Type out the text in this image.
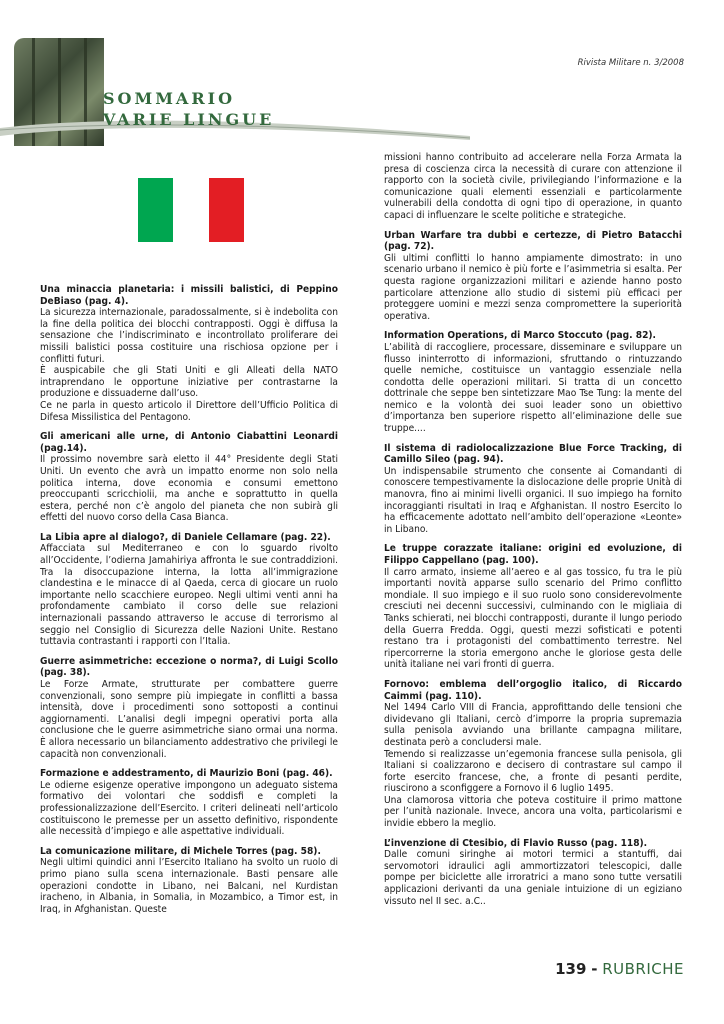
Rivista Militare n. 3/2008
SOMMARIO
VARIE LINGUE
Una minaccia planetaria: i missili balistici, di Peppino DeBiaso (pag. 4).

La sicurezza internazionale, paradossalmente, si è indebolita con la fine della politica dei blocchi contrapposti. Oggi è diffusa la sensazione che l’indiscriminato e incontrollato proliferare dei missili balistici possa costituire una rischiosa opzione per i conflitti futuri.
È auspicabile che gli Stati Uniti e gli Alleati della NATO intraprendano le opportune iniziative per contrastarne la produzione e dissuaderne dall’uso.
Ce ne parla in questo articolo il Direttore dell’Ufficio Politica di Difesa Missilistica del Pentagono.

Gli americani alle urne, di Antonio Ciabattini Leonardi (pag.14).

Il prossimo novembre sarà eletto il 44° Presidente degli Stati Uniti. Un evento che avrà un impatto enorme non solo nella politica interna, dove economia e consumi emettono preoccupanti scricchiolii, ma anche e soprattutto in quella estera, perché non c’è angolo del pianeta che non subirà gli effetti del nuovo corso della Casa Bianca.

La Libia apre al dialogo?, di Daniele Cellamare (pag. 22).

Affacciata sul Mediterraneo e con lo sguardo rivolto all’Occidente, l’odierna Jamahiriya affronta le sue contraddizioni. Tra la disoccupazione interna, la lotta all’immigrazione clandestina e le minacce di al Qaeda, cerca di giocare un ruolo importante nello scacchiere europeo. Negli ultimi venti anni ha profondamente cambiato il corso delle sue relazioni internazionali passando attraverso le accuse di terrorismo al seggio nel Consiglio di Sicurezza delle Nazioni Unite. Restano tuttavia contrastanti i rapporti con l’Italia.

Guerre asimmetriche: eccezione o norma?, di Luigi Scollo (pag. 38).

Le Forze Armate, strutturate per combattere guerre convenzionali, sono sempre più impiegate in conflitti a bassa intensità, dove i procedimenti sono sottoposti a continui aggiornamenti. L’analisi degli impegni operativi porta alla conclusione che le guerre asimmetriche siano ormai una norma. È allora necessario un bilanciamento addestrativo che privilegi le capacità non convenzionali.

Formazione e addestramento, di Maurizio Boni (pag. 46).

Le odierne esigenze operative impongono un adeguato sistema formativo dei volontari che soddisfi e completi la professionalizzazione dell’Esercito. I criteri delineati nell’articolo costituiscono le premesse per un assetto definitivo, rispondente alle necessità d’impiego e alle aspettative individuali.

La comunicazione militare, di Michele Torres (pag. 58).

Negli ultimi quindici anni l’Esercito Italiano ha svolto un ruolo di primo piano sulla scena internazionale. Basti pensare alle operazioni condotte in Libano, nei Balcani, nel Kurdistan iracheno, in Albania, in Somalia, in Mozambico, a Timor est, in Iraq, in Afghanistan. Queste

missioni hanno contribuito ad accelerare nella Forza Armata la presa di coscienza circa la necessità di curare con attenzione il rapporto con la società civile, privilegiando l’informazione e la comunicazione quali elementi essenziali e particolarmente vulnerabili della condotta di ogni tipo di operazione, in quanto capaci di influenzare le scelte politiche e strategiche.

Urban Warfare tra dubbi e certezze, di Pietro Batacchi (pag. 72).

Gli ultimi conflitti lo hanno ampiamente dimostrato: in uno scenario urbano il nemico è più forte e l’asimmetria si esalta. Per questa ragione organizzazioni militari e aziende hanno posto particolare attenzione allo studio di sistemi più efficaci per proteggere uomini e mezzi senza compromettere la superiorità operativa.

Information Operations, di Marco Stoccuto (pag. 82).

L’abilità di raccogliere, processare, disseminare e sviluppare un flusso ininterrotto di informazioni, sfruttando o rintuzzando quelle nemiche, costituisce un vantaggio essenziale nella condotta delle operazioni militari. Si tratta di un concetto dottrinale che seppe ben sintetizzare Mao Tse Tung: la mente del nemico e la volontà dei suoi leader sono un obiettivo d’importanza ben superiore rispetto all’eliminazione delle sue truppe....

Il sistema di radiolocalizzazione Blue Force Tracking, di Camillo Sileo (pag. 94).

Un indispensabile strumento che consente ai Comandanti di conoscere tempestivamente la dislocazione delle proprie Unità di manovra, fino ai minimi livelli organici. Il suo impiego ha fornito incoraggianti risultati in Iraq e Afghanistan. Il nostro Esercito lo ha efficacemente adottato nell’ambito dell’operazione «Leonte» in Libano.

Le truppe corazzate italiane: origini ed evoluzione, di Filippo Cappellano (pag. 100).

Il carro armato, insieme all’aereo e al gas tossico, fu tra le più importanti novità apparse sullo scenario del Primo conflitto mondiale. Il suo impiego e il suo ruolo sono considerevolmente cresciuti nei decenni successivi, culminando con le migliaia di Tanks schierati, nei blocchi contrapposti, durante il lungo periodo della Guerra Fredda. Oggi, questi mezzi sofisticati e potenti restano tra i protagonisti del combattimento terrestre. Nel ripercorrerne la storia emergono anche le gloriose gesta delle unità italiane nei vari fronti di guerra.

Fornovo: emblema dell’orgoglio italico, di Riccardo Caimmi (pag. 110).

Nel 1494 Carlo VIII di Francia, approfittando delle tensioni che dividevano gli Italiani, cercò d’imporre la propria supremazia sulla penisola avviando una brillante campagna militare, destinata però a concludersi male.
Temendo si realizzasse un’egemonia francese sulla penisola, gli Italiani si coalizzarono e decisero di contrastare sul campo il forte esercito francese, che, a fronte di pesanti perdite, riuscirono a sconfiggere a Fornovo il 6 luglio 1495.
Una clamorosa vittoria che poteva costituire il primo mattone per l’unità nazionale. Invece, ancora una volta, particolarismi e invidie ebbero la meglio.

L’invenzione di Ctesibio, di Flavio Russo (pag. 118).

Dalle comuni siringhe ai motori termici a stantuffi, dai servomotori idraulici agli ammortizzatori telescopici, dalle pompe per biciclette alle irroratrici a mano sono tutte versatili applicazioni derivanti da una geniale intuizione di un egiziano vissuto nel II sec. a.C..

139 - RUBRICHE
